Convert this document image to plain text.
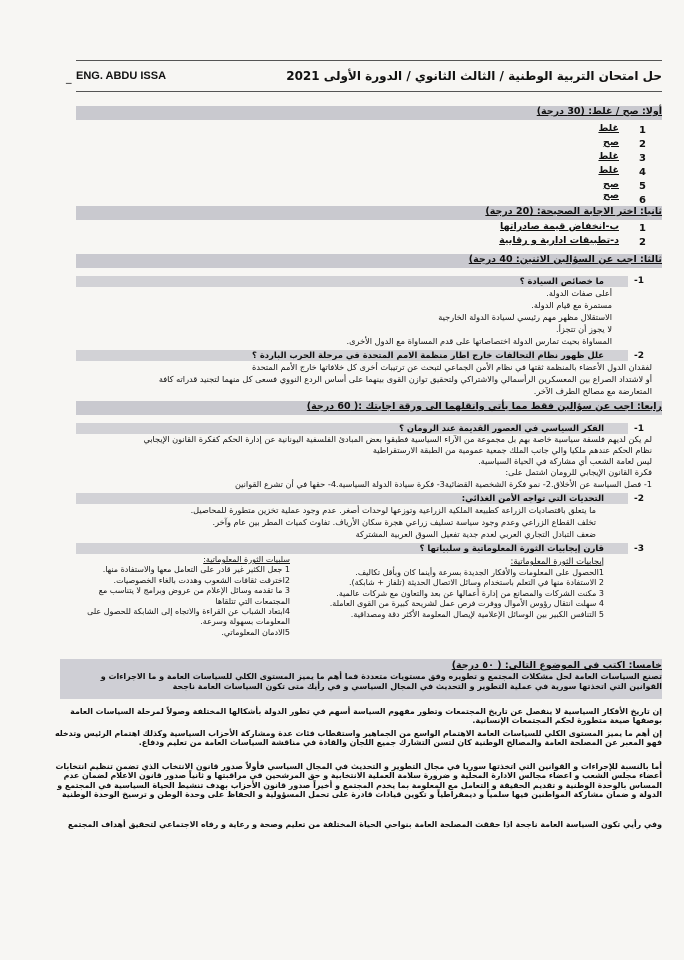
_ ENG. ABDU ISSA	حل امتحان التربية الوطنية / الثالث الثانوي / الدورة الأولى 2021
أولا: صح / غلط: (30 درجة)
1
غلط
2
صح
3
غلط
4
غلط
5
صح
6
صح
ثانيا: اختر الاجابة الصحيحة: (20 درجة)
1
ب-انخفاض قيمة صادراتها
2
د-تطبيقات ادارية و رقابية
ثالثا: اجب عن السؤالين الاثنين: 40 درجة)
-1
ما خصائص السيادة ؟
أعلى صفات الدولة.
مستمرة مع قيام الدولة.
الاستقلال مظهر مهم رئيسي لسيادة الدولة الخارجية
لا يجوز أن تتجزأ.
المساواة بحيث تمارس الدولة اختصاصاتها على قدم المساواة مع الدول الأخرى.
-2
علل ظهور نظام التحالفات خارج اطار منظمة الامم المتحدة في مرحلة الحرب الباردة ؟
لفقدان الدول الأعضاء بالمنظمة ثقتها في نظام الأمن الجماعي لتبحث عن ترتيبات أخرى كل خلافاتها خارج الأمم المتحدة
أو لاشتداد الصراع بين المعسكرين الرأسمالي والاشتراكي ولتحقيق توازن القوى بينهما على أساس الردع النووي فسعى كل منهما لتجنيد قدراته كافة
المتعارضة مع مصالح الطرف الآخر.
رابعا: اجب عن سؤالين فقط مما يأتي وانقلهما الى ورقة اجابتك :( 60 درجة)
-1
الفكر السياسي في العصور القديمة عند الرومان ؟
لم يكن لديهم فلسفة سياسية خاصة بهم بل مجموعة من الآراء السياسية فطبقوا بعض المبادئ الفلسفية اليونانية عن إدارة الحكم كفكرة القانون الإيجابي
نظام الحكم عندهم ملكيا والي جانب الملك جمعية عمومية من الطبقة الارستقراطية
ليس لعامة الشعب أي مشاركة في الحياة السياسية.
فكرة القانون الإيجابي للرومان اشتمل على:
1- فصل السياسة عن الأخلاق.2- نمو فكرة الشخصية القضائية3- فكرة سيادة الدولة السياسية.4- حقها في أن تشرع القوانين
-2
التحديات التي تواجه الأمن الغذائي:
ما يتعلق باقتصاديات الزراعة كطبيعة الملكية الزراعية وتوزعها لوحدات أصغر. عدم وجود عملية تخزين متطورة للمحاصيل.
تخلف القطاع الزراعي وعدم وجود سياسة تسليف زراعي هجرة سكان الأرياف. تفاوت كميات المطر بين عام وآخر.
ضعف التبادل التجاري العربي لعدم جدية تفعيل السوق العربية المشتركة
-3
قارن إيجابيات الثورة المعلوماتية و سلبياتها ؟
إيجابيات الثورة المعلوماتية:
1الحصول على المعلومات والأفكار الجديدة بسرعة وأينما كان وبأقل تكاليف.
2 الاستفادة منها في التعلم باستخدام وسائل الاتصال الحديثة (تلفاز + شابكة).
3 مكنت الشركات والمصانع من إدارة أعمالها عن بعد والتعاون مع شركات عالمية.
4 سهلت انتقال رؤوس الأموال ووفرت فرص عمل لشريحة كبيرة من القوى العاملة.
5 التنافس الكبير بين الوسائل الإعلامية لإيصال المعلومة الأكثر دقة ومصداقية.
سلبيات الثورة المعلوماتية:
1 جعل الكثير غير قادر على التعامل معها والاستفادة منها.
2اخترقت ثقافات الشعوب وهددت بالغاء الخصوصيات.
3 ما تقدمه وسائل الإعلام من عروض وبرامج لا يتناسب مع
المجتمعات التي تتلقاها
4ابتعاد الشباب عن القراءة والاتجاه إلى الشابكة للحصول على
المعلومات بسهولة وسرعة.
5الادمان المعلوماتي.
خامسا: اكتب في الموضوع التالي: ( ٥٠ درجة)
تصنع السياسات العامة لحل مشكلات المجتمع و تطويره وفق مستويات متعددة فما أهم ما يميز المستوى الكلي للسياسات العامة و ما الاجراءات و القوانين التي اتخذتها سورية في عملية التطوير و التحديث في المجال السياسي و في رأيك متى تكون السياسات العامة ناجحة
إن تاريخ الأفكار السياسية لا ينفصل عن تاريخ المجتمعات وتطور مفهوم السياسة أسهم في تطور الدولة بأشكالها المختلفة وصولاً لمرحلة السياسات العامة بوصفها صيغة متطورة لحكم المجتمعات الإنسانية.
إن أهم ما يميز المستوى الكلي للسياسات العامة الاهتمام الواسع من الجماهير واستقطاب فئات عدة ومشاركة الأحزاب السياسية وكذلك اهتمام الرئيس وتدخله فهو المعبر عن المصلحة العامة والمصالح الوطنية كان لتسن التشارك جميع اللجان والقادة في مناقشة السياسات العامة من تعليم ودفاع.
أما بالنسبة للإجراءات و القوانين التي اتخذتها سوريا في مجال التطوير و التحديث في المجال السياسي فأولاً صدور قانون الانتخاب الذي تضمن تنظيم انتخابات أعضاء مجلس الشعب و اعضاء مجالس الادارة المحلية و ضرورة سلامة العملية الانتخابية و حق المرشحين في مراقبتها و ثانياً صدور قانون الاعلام لضمان عدم المساس بالوحدة الوطنية و تقديم الحقيقة و التعامل مع المعلومة بما يخدم المجتمع و أخيراً صدور قانون الأحزاب بهدف تنشيط الحياة السياسية في المجتمع و الدولة و ضمان مشاركة المواطنين فيها سلمياً و ديمقراطياً و تكوين قيادات قادرة على تحمل المسؤولية و الحفاظ على وحدة الوطن و ترسيخ الوحدة الوطنية
وفي رأيي تكون السياسة العامة ناجحة اذا حققت المصلحة العامة بنواحي الحياة المختلفة من تعليم وصحة و رعاية و رفاه الاجتماعي لتحقيق أهداف المجتمع
